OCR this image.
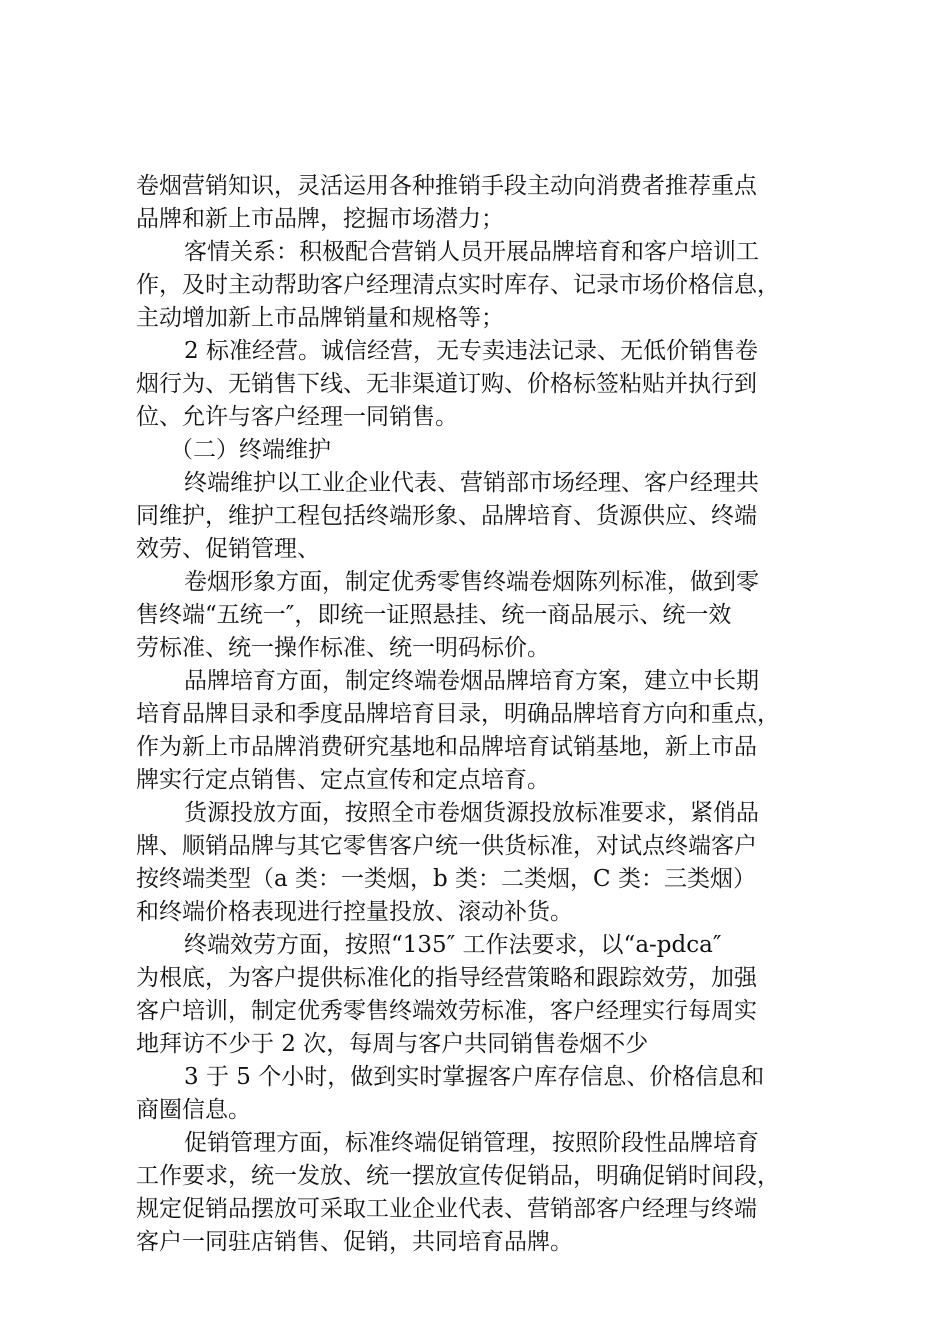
卷烟营销知识，灵活运用各种推销手段主动向消费者推荐重点
品牌和新上市品牌，挖掘市场潜力；
客情关系：积极配合营销人员开展品牌培育和客户培训工
作，及时主动帮助客户经理清点实时库存、记录市场价格信息，
主动增加新上市品牌销量和规格等；
2 标准经营。诚信经营，无专卖违法记录、无低价销售卷
烟行为、无销售下线、无非渠道订购、价格标签粘贴并执行到
位、允许与客户经理一同销售。
（二）终端维护
终端维护以工业企业代表、营销部市场经理、客户经理共
同维护，维护工程包括终端形象、品牌培育、货源供应、终端
效劳、促销管理、
卷烟形象方面，制定优秀零售终端卷烟陈列标准，做到零
售终端“五统一″，即统一证照悬挂、统一商品展示、统一效
劳标准、统一操作标准、统一明码标价。
品牌培育方面，制定终端卷烟品牌培育方案，建立中长期
培育品牌目录和季度品牌培育目录，明确品牌培育方向和重点，
作为新上市品牌消费研究基地和品牌培育试销基地，新上市品
牌实行定点销售、定点宣传和定点培育。
货源投放方面，按照全市卷烟货源投放标准要求，紧俏品
牌、顺销品牌与其它零售客户统一供货标准，对试点终端客户
按终端类型（a 类：一类烟，b 类：二类烟，C 类：三类烟）
和终端价格表现进行控量投放、滚动补货。
终端效劳方面，按照“135″ 工作法要求，以“a-pdca″
为根底，为客户提供标准化的指导经营策略和跟踪效劳，加强
客户培训，制定优秀零售终端效劳标准，客户经理实行每周实
地拜访不少于 2 次，每周与客户共同销售卷烟不少
3 于 5 个小时，做到实时掌握客户库存信息、价格信息和
商圈信息。
促销管理方面，标准终端促销管理，按照阶段性品牌培育
工作要求，统一发放、统一摆放宣传促销品，明确促销时间段，
规定促销品摆放可采取工业企业代表、营销部客户经理与终端
客户一同驻店销售、促销，共同培育品牌。
